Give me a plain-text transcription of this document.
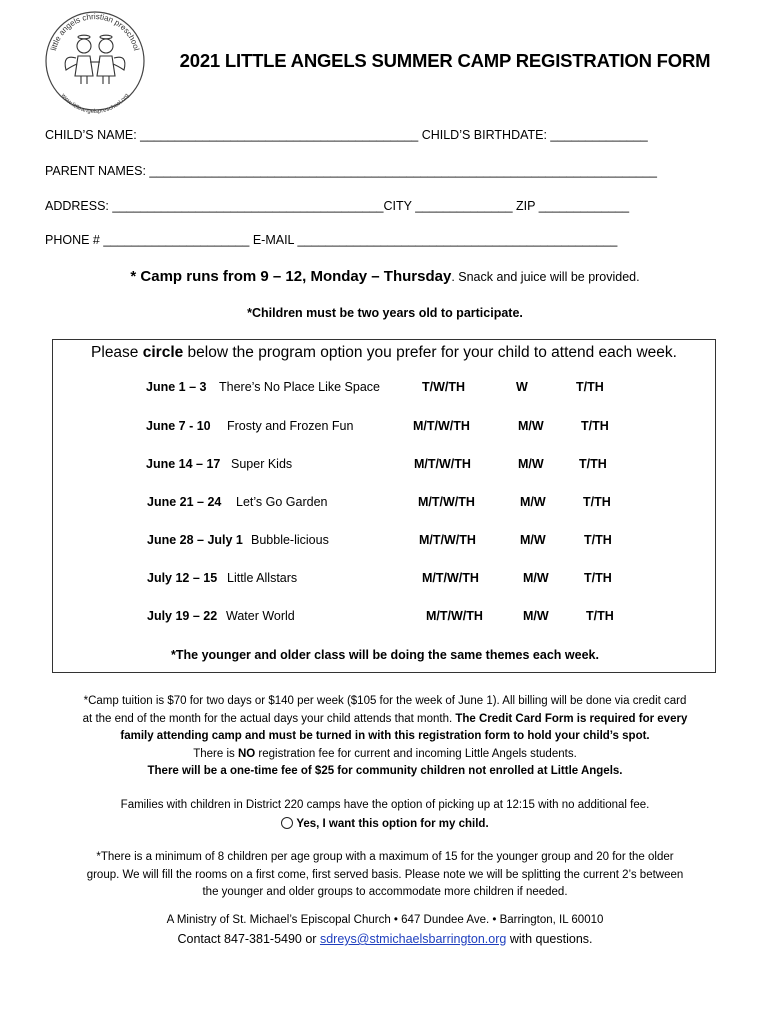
little angels christian preschool
www.littleangelspreschool.org
2021 LITTLE ANGELS SUMMER CAMP REGISTRATION FORM
CHILD’S NAME: ________________________________________ CHILD’S BIRTHDATE: ______________
PARENT NAMES: _________________________________________________________________________
ADDRESS: _______________________________________CITY ______________ ZIP _____________
PHONE # _____________________ E-MAIL ______________________________________________
* Camp runs from 9 – 12, Monday – Thursday. Snack and juice will be provided.
*Children must be two years old to participate.
Please circle below the program option you prefer for your child to attend each week.
June 1 – 3 There’s No Place Like Space	T/W/TH	W	T/TH
June 7 - 10 Frosty and Frozen Fun	M/T/W/TH	M/W	T/TH
June 14 – 17 Super Kids	M/T/W/TH	M/W	T/TH
June 21 – 24 Let’s Go Garden	M/T/W/TH	M/W	T/TH
June 28 – July 1 Bubble-licious	M/T/W/TH	M/W	T/TH
July 12 – 15 Little Allstars	M/T/W/TH	M/W	T/TH
July 19 – 22 Water World	M/T/W/TH	M/W	T/TH
*The younger and older class will be doing the same themes each week.
*Camp tuition is $70 for two days or $140 per week ($105 for the week of June 1). All billing will be done via credit card
at the end of the month for the actual days your child attends that month. The Credit Card Form is required for every
family attending camp and must be turned in with this registration form to hold your child’s spot.
There is NO registration fee for current and incoming Little Angels students.
There will be a one-time fee of $25 for community children not enrolled at Little Angels.
Families with children in District 220 camps have the option of picking up at 12:15 with no additional fee.
Yes, I want this option for my child.
*There is a minimum of 8 children per age group with a maximum of 15 for the younger group and 20 for the older
group. We will fill the rooms on a first come, first served basis. Please note we will be splitting the current 2’s between
the younger and older groups to accommodate more children if needed.
A Ministry of St. Michael’s Episcopal Church • 647 Dundee Ave. • Barrington, IL 60010
Contact 847-381-5490 or sdreys@stmichaelsbarrington.org with questions.
